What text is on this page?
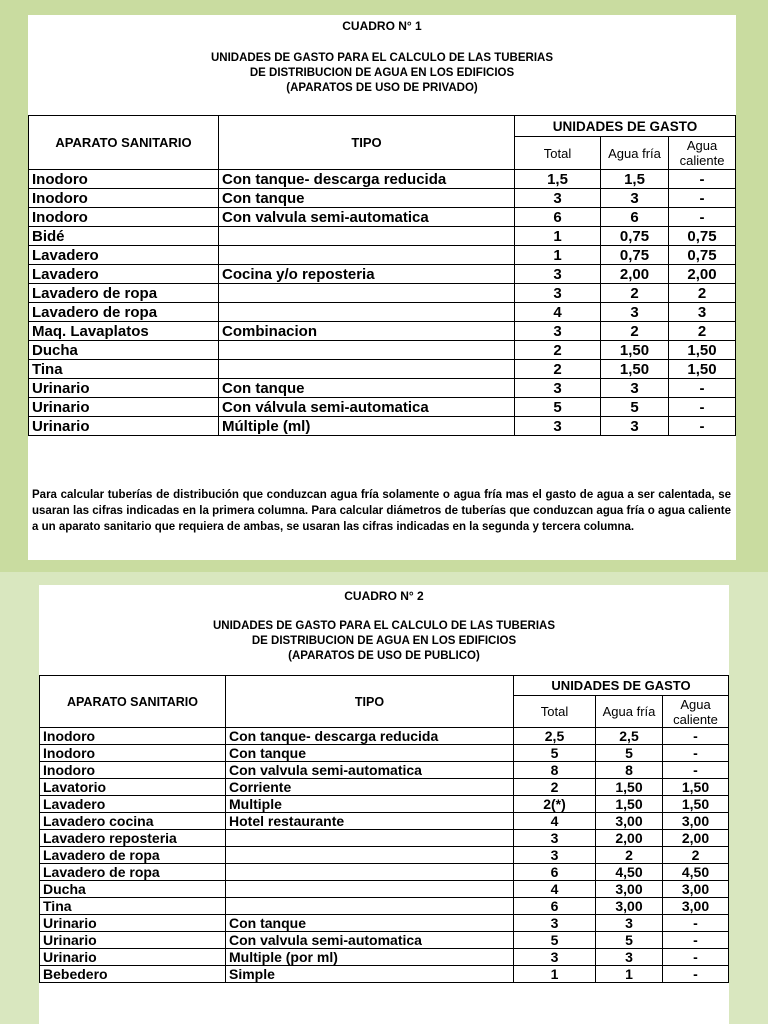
CUADRO N° 1
UNIDADES DE GASTO PARA EL CALCULO DE LAS TUBERIAS
DE DISTRIBUCION DE AGUA EN LOS EDIFICIOS
(APARATOS DE USO DE PRIVADO)
APARATO SANITARIO	TIPO	UNIDADES DE GASTO		
		Total	Agua fría	Agua caliente
Inodoro	Con tanque- descarga reducida	1,5	1,5	-
Inodoro	Con tanque	3	3	-
Inodoro	Con valvula semi-automatica	6	6	-
Bidé		1	0,75	0,75
Lavadero		1	0,75	0,75
Lavadero	Cocina y/o reposteria	3	2,00	2,00
Lavadero de ropa		3	2	2
Lavadero de ropa		4	3	3
Maq. Lavaplatos	Combinacion	3	2	2
Ducha		2	1,50	1,50
Tina		2	1,50	1,50
Urinario	Con tanque	3	3	-
Urinario	Con válvula semi-automatica	5	5	-
Urinario	Múltiple (ml)	3	3	-
Para calcular tuberías de distribución que conduzcan agua fría solamente o agua fría mas el gasto de agua a ser calentada, se usaran las cifras indicadas en la primera columna. Para calcular diámetros de tuberías que conduzcan agua fría o agua caliente a un aparato sanitario que requiera de ambas, se usaran las cifras indicadas en la segunda y tercera columna.
CUADRO N° 2
UNIDADES DE GASTO PARA EL CALCULO DE LAS TUBERIAS
DE DISTRIBUCION DE AGUA EN LOS EDIFICIOS
(APARATOS DE USO DE PUBLICO)
APARATO SANITARIO	TIPO	UNIDADES DE GASTO		
		Total	Agua fría	Agua caliente
Inodoro	Con tanque- descarga reducida	2,5	2,5	-
Inodoro	Con tanque	5	5	-
Inodoro	Con valvula semi-automatica	8	8	-
Lavatorio	Corriente	2	1,50	1,50
Lavadero	Multiple	2(*)	1,50	1,50
Lavadero cocina	Hotel restaurante	4	3,00	3,00
Lavadero reposteria		3	2,00	2,00
Lavadero de ropa		3	2	2
Lavadero de ropa		6	4,50	4,50
Ducha		4	3,00	3,00
Tina		6	3,00	3,00
Urinario	Con tanque	3	3	-
Urinario	Con valvula semi-automatica	5	5	-
Urinario	Multiple (por ml)	3	3	-
Bebedero	Simple	1	1	-
